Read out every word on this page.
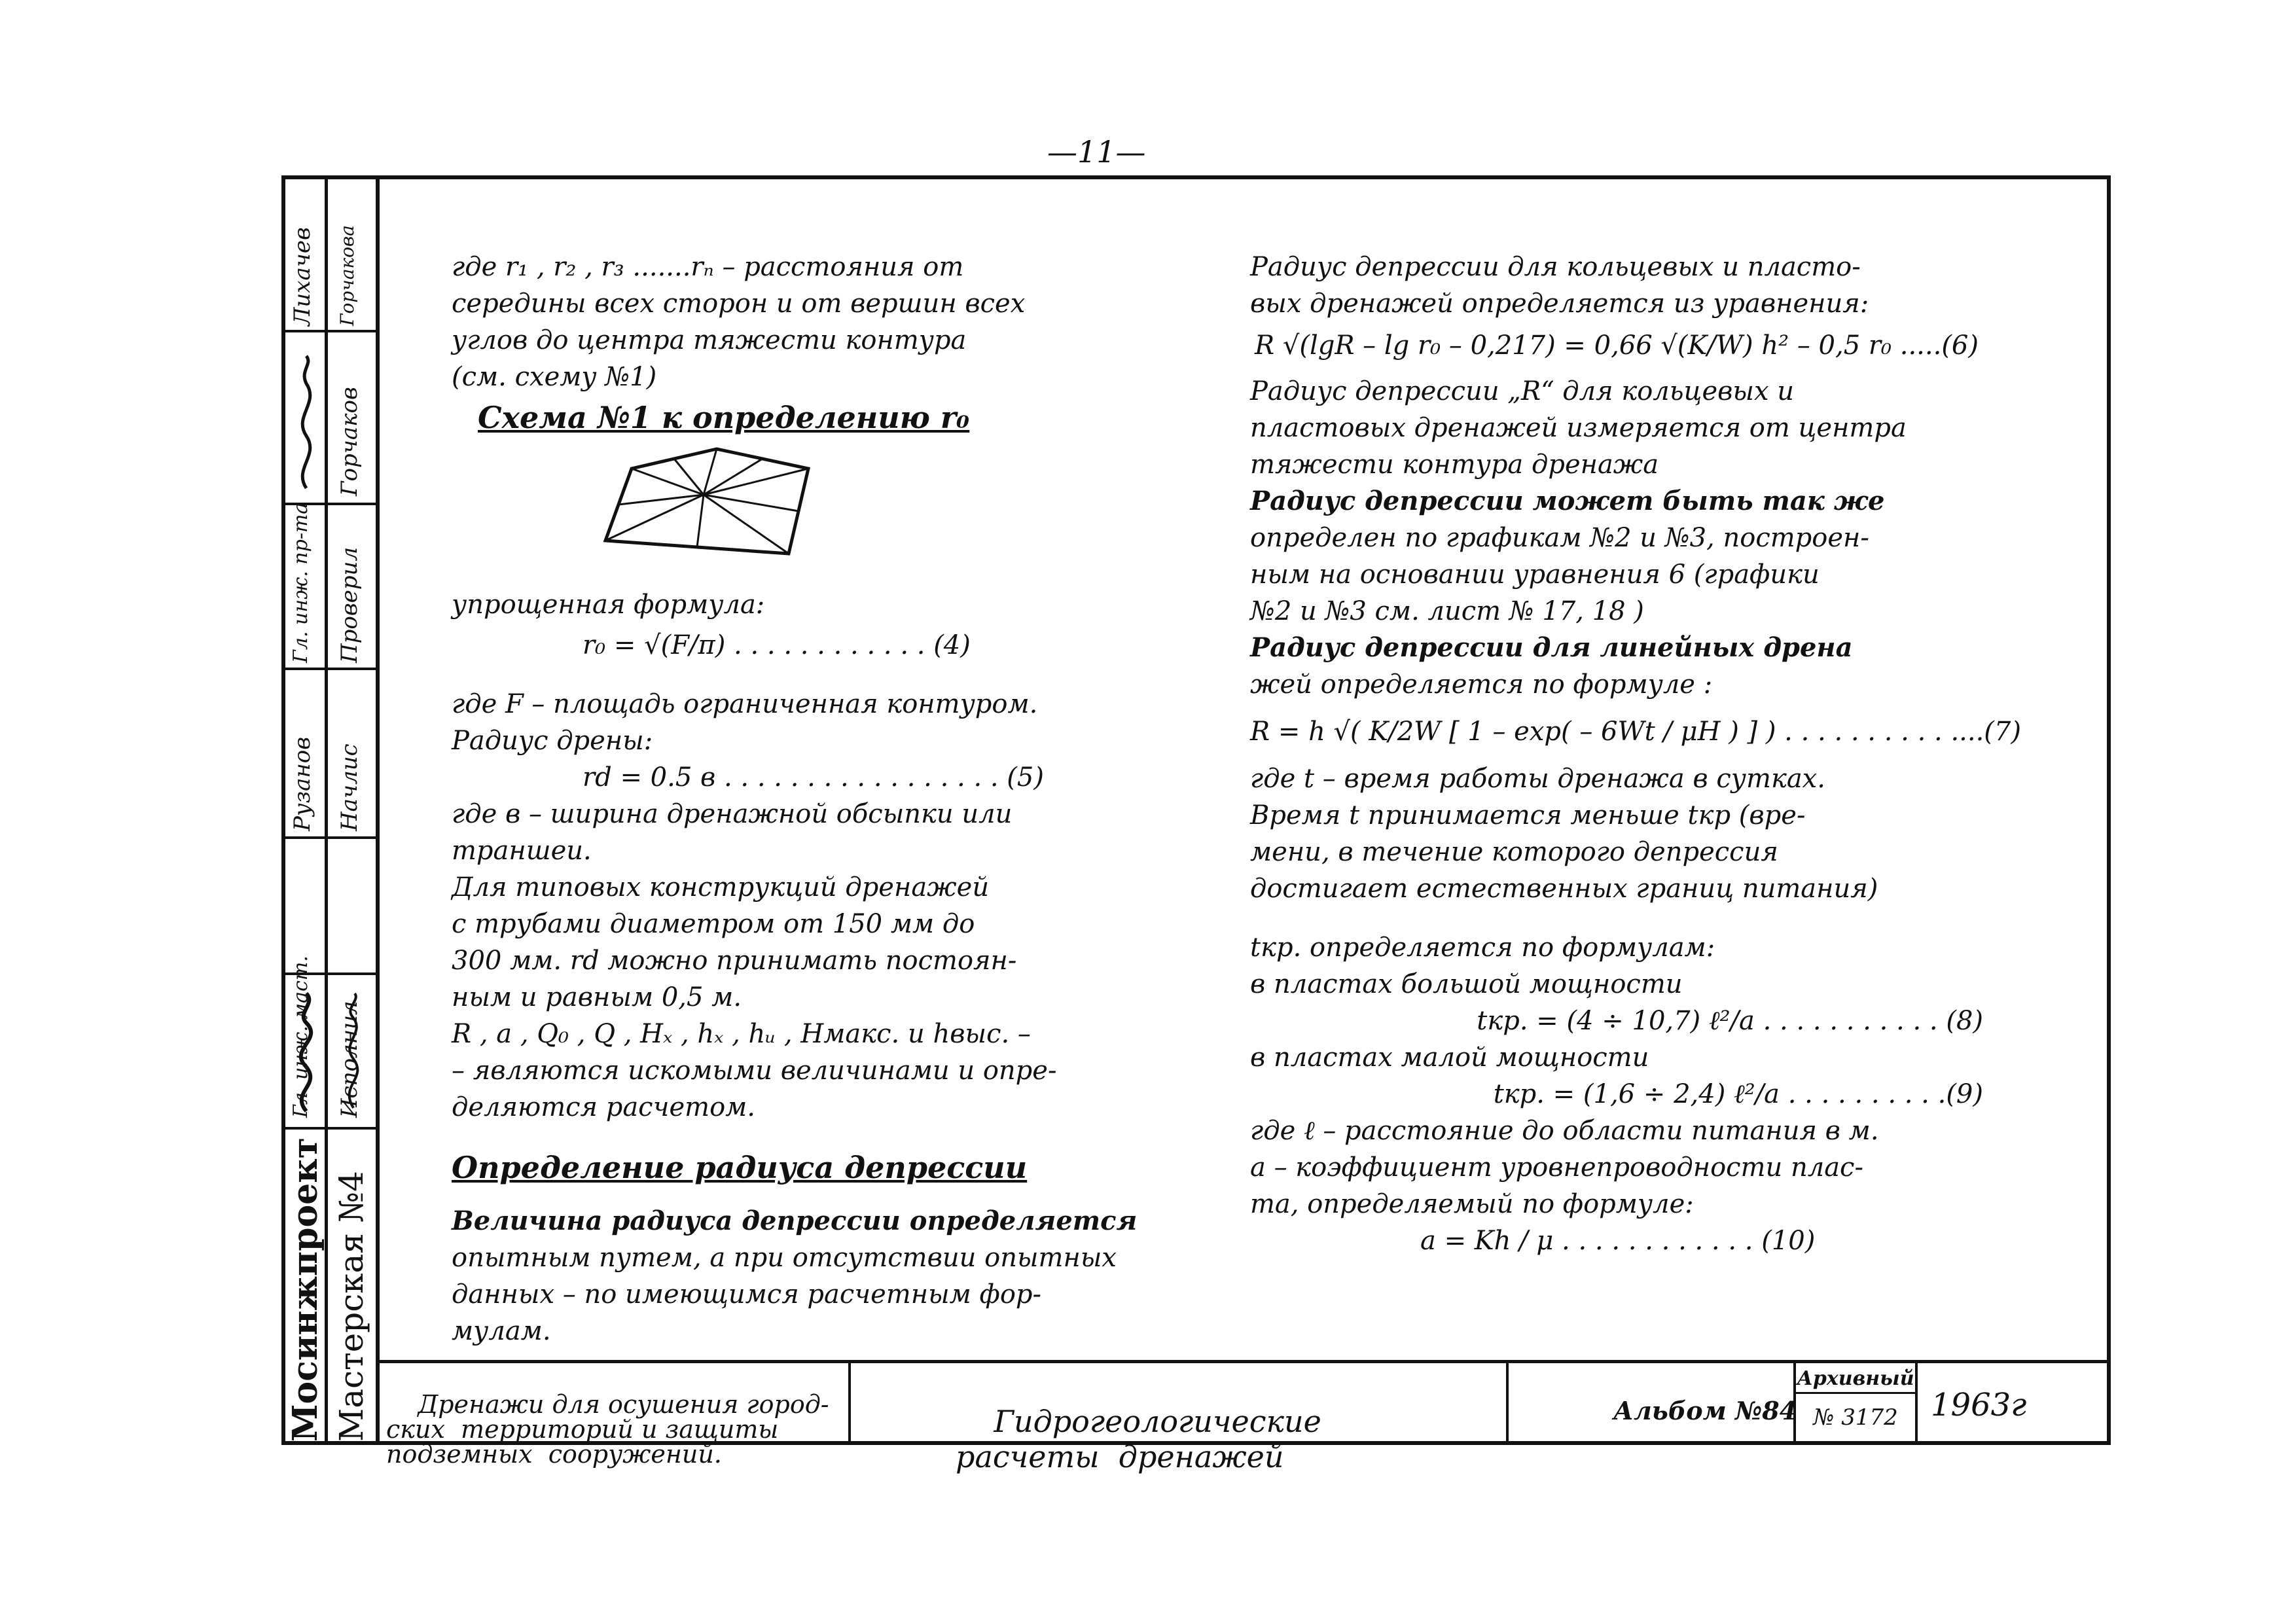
—11—
Мосинжпроект Мастерская №4
Гл. инж. маст. Исполнил
Гл. инж. пр-та Проверил
Рузанов Начлис
Лихачев Горчакова
Горчаков
где r₁ , r₂ , r₃ .......rₙ – расстояния от
середины всех сторон и от вершин всех
углов до центра тяжести контура
(см. схему №1)
Схема №1 к определению r₀
упрощенная формула:
r₀ = √(F/π) . . . . . . . . . . . . (4)
где F – площадь ограниченная контуром.
Радиус дрены:
r𝑑 = 0.5 в . . . . . . . . . . . . . . . . . (5)
где в – ширина дренажной обсыпки или
траншеи.
Для типовых конструкций дренажей
с трубами диаметром от 150 мм до
300 мм. r𝑑 можно принимать постоян-
ным и равным 0,5 м.
R , a , Q₀ , Q , Hₓ , hₓ , hᵤ , Hмакс. и hвыс. –
– являются искомыми величинами и опре-
деляются расчетом.
Определение радиуса депрессии
Величина радиуса депрессии определяется
опытным путем, а при отсутствии опытных
данных – по имеющимся расчетным фор-
мулам.
Радиус депрессии для кольцевых и пласто-
вых дренажей определяется из уравнения:
R √(lgR – lg r₀ – 0,217) = 0,66 √(K/W) h² – 0,5 r₀ .....(6)
Радиус депрессии „R“ для кольцевых и
пластовых дренажей измеряется от центра
тяжести контура дренажа
Радиус депрессии может быть так же
определен по графикам №2 и №3, построен-
ным на основании уравнения 6 (графики
№2 и №3 см. лист № 17, 18 )
Радиус депрессии для линейных дрена
жей определяется по формуле :
R = h √( K/2W [ 1 – exp( – 6Wt / μH ) ] ) . . . . . . . . . . ....(7)
где t – время работы дренажа в сутках.
Время t принимается меньше tкр (вре-
мени, в течение которого депрессия
достигает естественных границ питания)
tкр. определяется по формулам:
в пластах большой мощности
tкр. = (4 ÷ 10,7) ℓ²/a . . . . . . . . . . . (8)
в пластах малой мощности
tкр. = (1,6 ÷ 2,4) ℓ²/a . . . . . . . . . .(9)
где ℓ – расстояние до области питания в м.
a – коэффициент уровнепроводности плас-
та, определяемый по формуле:
a = Kh / μ . . . . . . . . . . . . (10)

Дренажи для осушения город-
ских  территорий и защиты
подземных  сооружений.

Гидрогеологические
расчеты  дренажей

Альбом №84
Архивный
№ 3172	1963г
